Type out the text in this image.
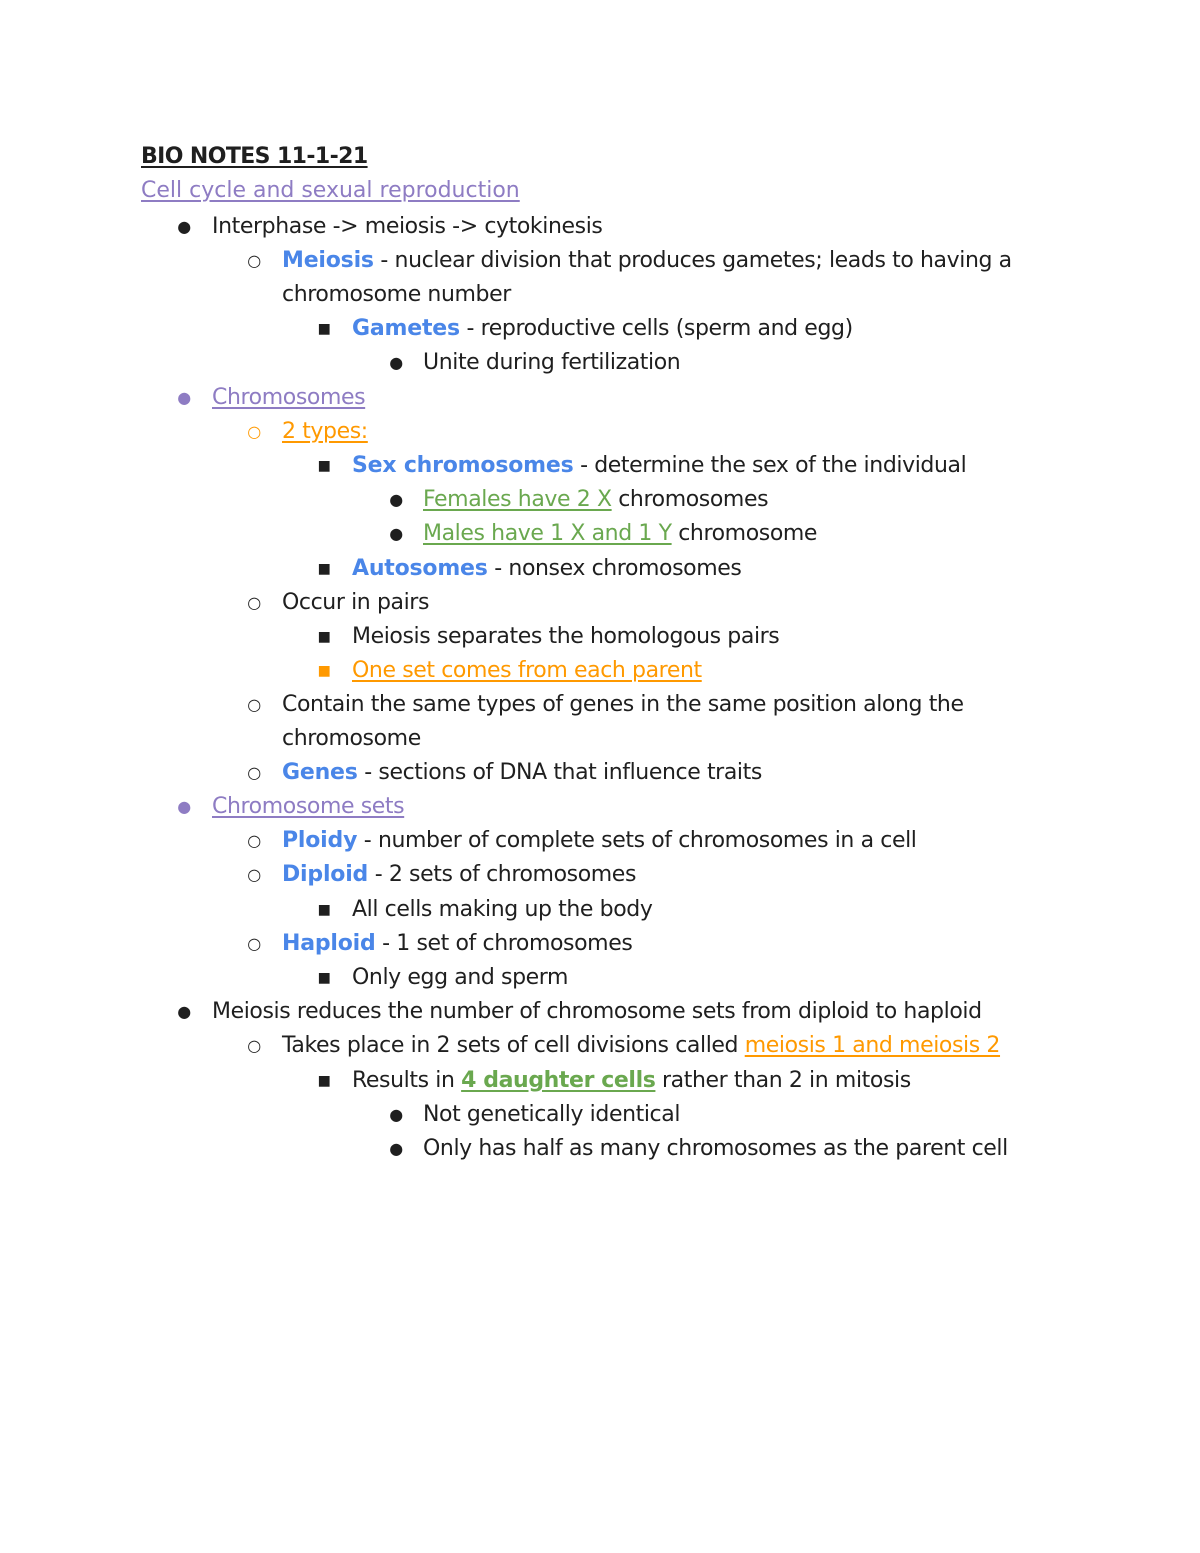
BIO NOTES 11-1-21
Cell cycle and sexual reproduction
● Interphase -> meiosis -> cytokinesis
○ Meiosis - nuclear division that produces gametes; leads to having a
chromosome number
■ Gametes - reproductive cells (sperm and egg)
● Unite during fertilization
● Chromosomes
○ 2 types:
■ Sex chromosomes - determine the sex of the individual
● Females have 2 X chromosomes
● Males have 1 X and 1 Y chromosome
■ Autosomes - nonsex chromosomes
○ Occur in pairs
■ Meiosis separates the homologous pairs
■ One set comes from each parent
○ Contain the same types of genes in the same position along the
chromosome
○ Genes - sections of DNA that influence traits
● Chromosome sets
○ Ploidy - number of complete sets of chromosomes in a cell
○ Diploid - 2 sets of chromosomes
■ All cells making up the body
○ Haploid - 1 set of chromosomes
■ Only egg and sperm
● Meiosis reduces the number of chromosome sets from diploid to haploid
○ Takes place in 2 sets of cell divisions called meiosis 1 and meiosis 2
■ Results in 4 daughter cells rather than 2 in mitosis
● Not genetically identical
● Only has half as many chromosomes as the parent cell
